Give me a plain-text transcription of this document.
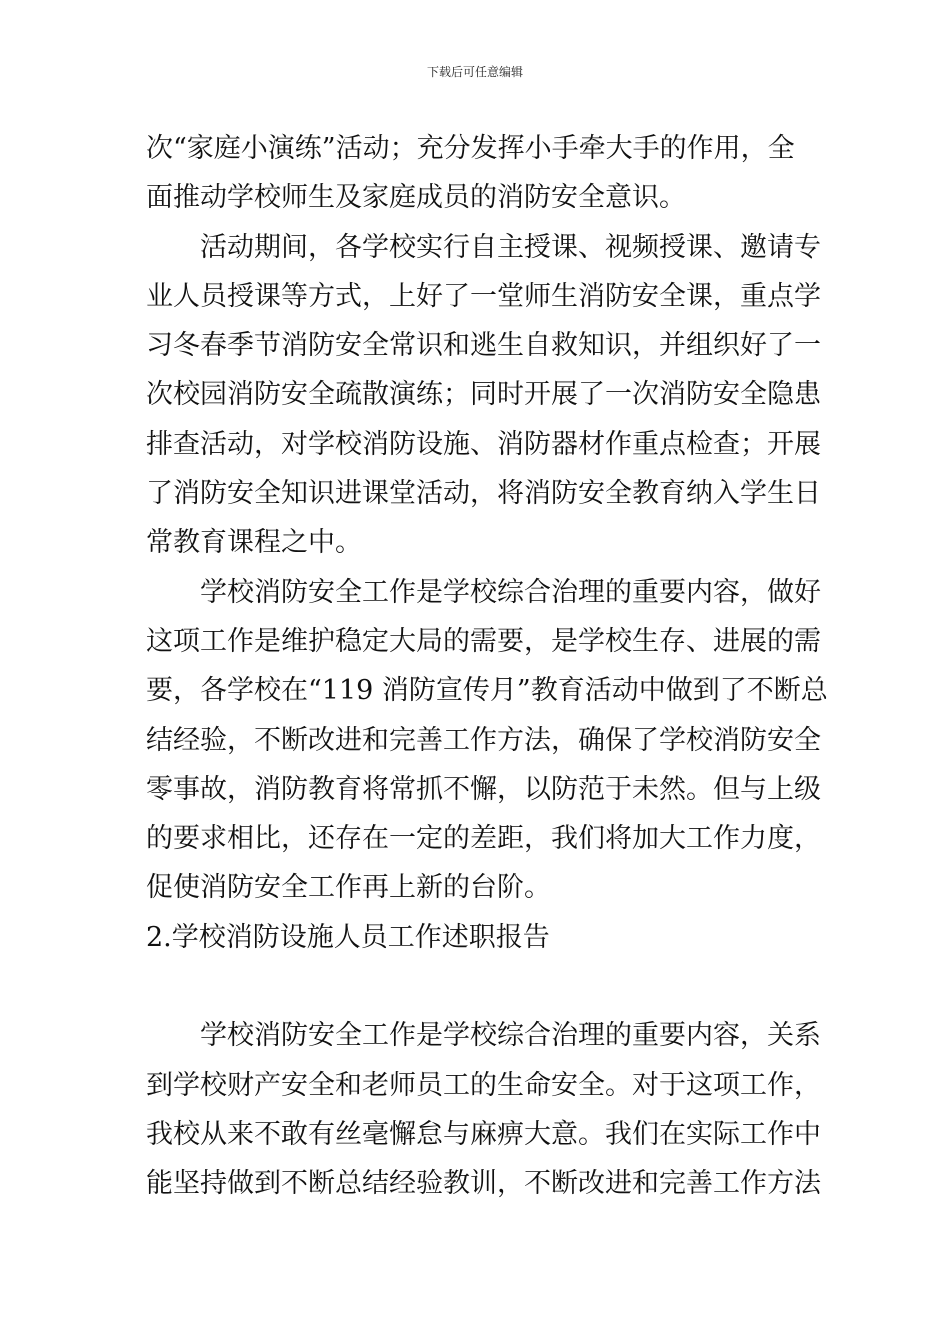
下载后可任意编辑
次“家庭小演练”活动；充分发挥小手牵大手的作用，全
面推动学校师生及家庭成员的消防安全意识。
活动期间，各学校实行自主授课、视频授课、邀请专
业人员授课等方式，上好了一堂师生消防安全课，重点学
习冬春季节消防安全常识和逃生自救知识，并组织好了一
次校园消防安全疏散演练；同时开展了一次消防安全隐患
排查活动，对学校消防设施、消防器材作重点检查；开展
了消防安全知识进课堂活动，将消防安全教育纳入学生日
常教育课程之中。
学校消防安全工作是学校综合治理的重要内容，做好
这项工作是维护稳定大局的需要，是学校生存、进展的需
要，各学校在“119 消防宣传月”教育活动中做到了不断总
结经验，不断改进和完善工作方法，确保了学校消防安全
零事故，消防教育将常抓不懈，以防范于未然。但与上级
的要求相比，还存在一定的差距，我们将加大工作力度，
促使消防安全工作再上新的台阶。
2.学校消防设施人员工作述职报告
学校消防安全工作是学校综合治理的重要内容，关系
到学校财产安全和老师员工的生命安全。对于这项工作，
我校从来不敢有丝毫懈怠与麻痹大意。我们在实际工作中
能坚持做到不断总结经验教训，不断改进和完善工作方法
